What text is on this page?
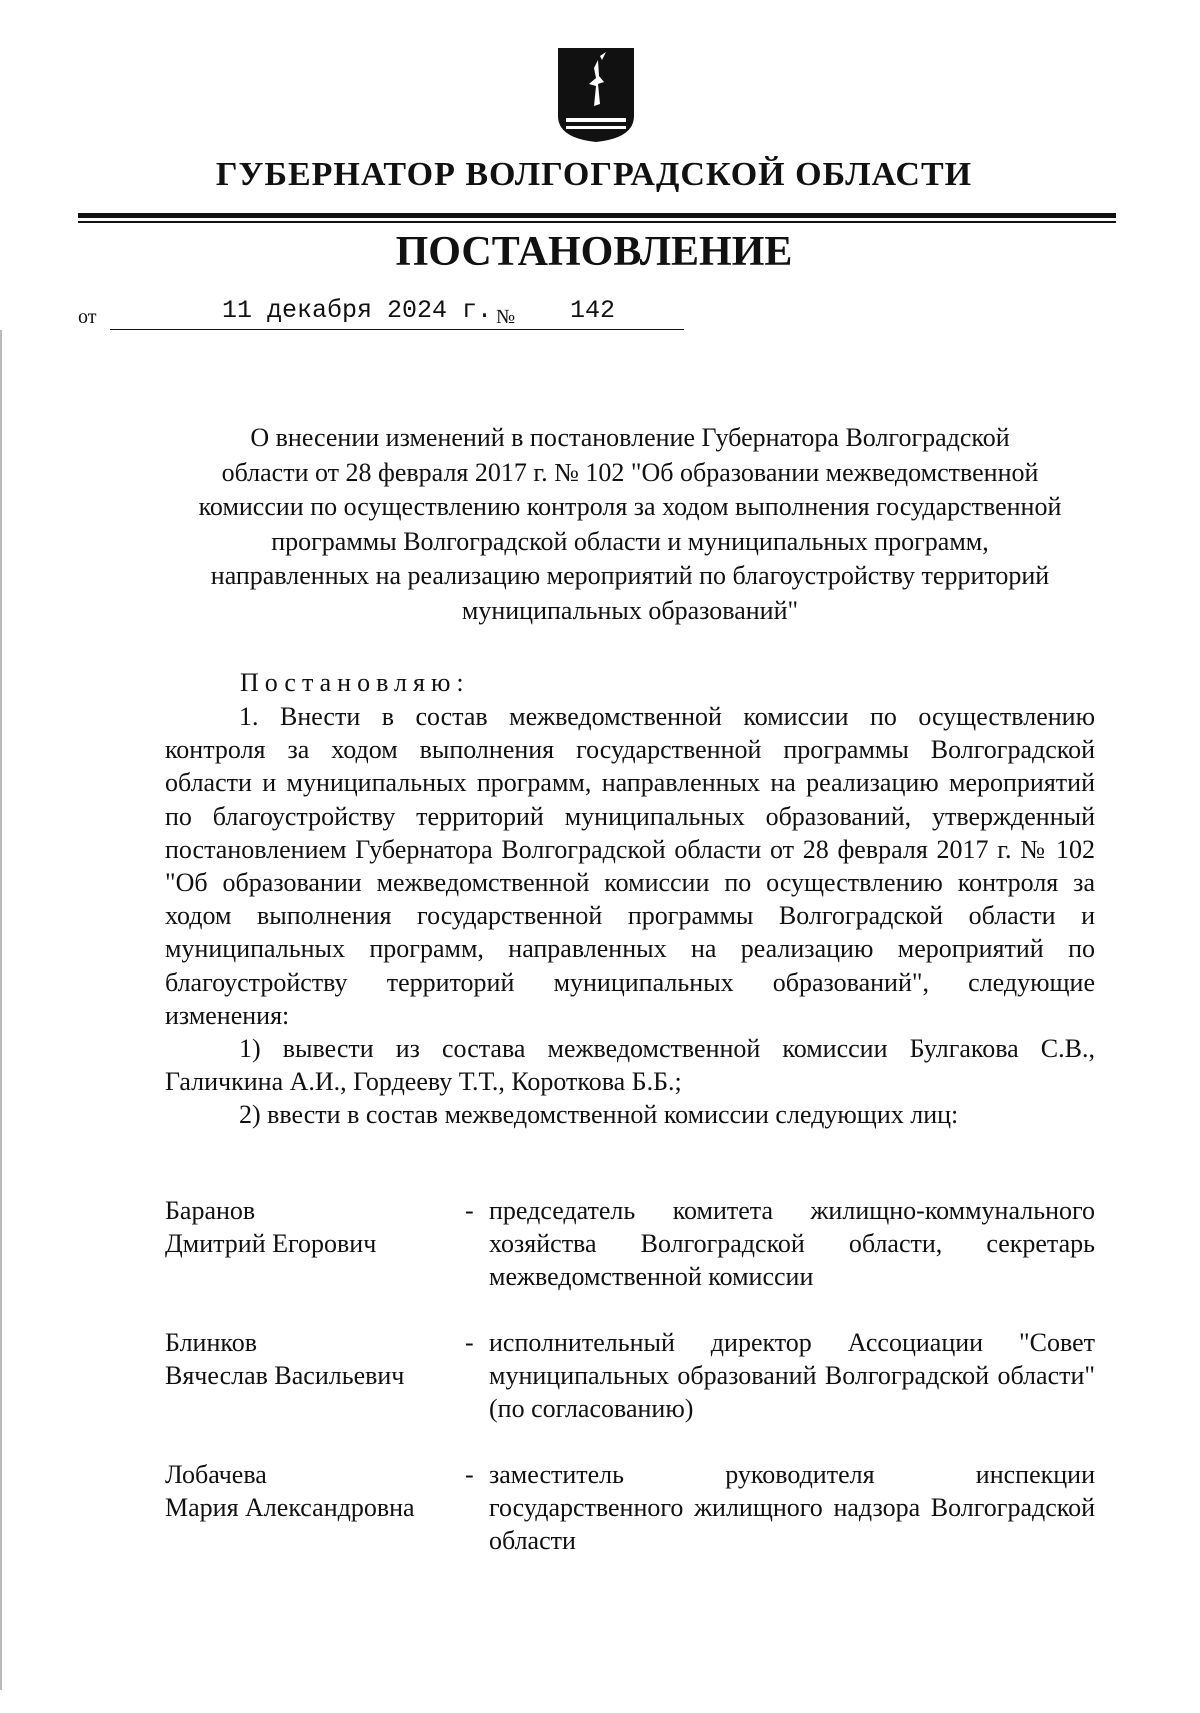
ГУБЕРНАТОР ВОЛГОГРАДСКОЙ ОБЛАСТИ
ПОСТАНОВЛЕНИЕ
от	11 декабря 2024 г. №	142
О внесении изменений в постановление Губернатора Волгоградской
области от 28 февраля 2017 г. № 102 "Об образовании межведомственной
комиссии по осуществлению контроля за ходом выполнения государственной
программы Волгоградской области и муниципальных программ,
направленных на реализацию мероприятий по благоустройству территорий
муниципальных образований"
Постановляю:

1. Внести в состав межведомственной комиссии по осуществлению контроля за ходом выполнения государственной программы Волгоградской области и муниципальных программ, направленных на реализацию мероприятий по благоустройству территорий муниципальных образований, утвержденный постановлением Губернатора Волгоградской области от 28 февраля 2017 г. № 102 "Об образовании межведомственной комиссии по осуществлению контроля за ходом выполнения государственной программы Волгоградской области и муниципальных программ, направленных на реализацию мероприятий по благоустройству территорий муниципальных образований", следующие изменения:

1) вывести из состава межведомственной комиссии Булгакова С.В., Галичкина А.И., Гордееву Т.Т., Короткова Б.Б.;

2) ввести в состав межведомственной комиссии следующих лиц:

Баранов
Дмитрий Егорович
- председатель комитета жилищно-коммунального хозяйства Волгоградской области, секретарь межведомственной комиссии
Блинков
Вячеслав Васильевич
- исполнительный директор Ассоциации "Совет муниципальных образований Волгоградской области" (по согласованию)
Лобачева
Мария Александровна
- заместитель руководителя инспекции государственного жилищного надзора Волгоградской области
